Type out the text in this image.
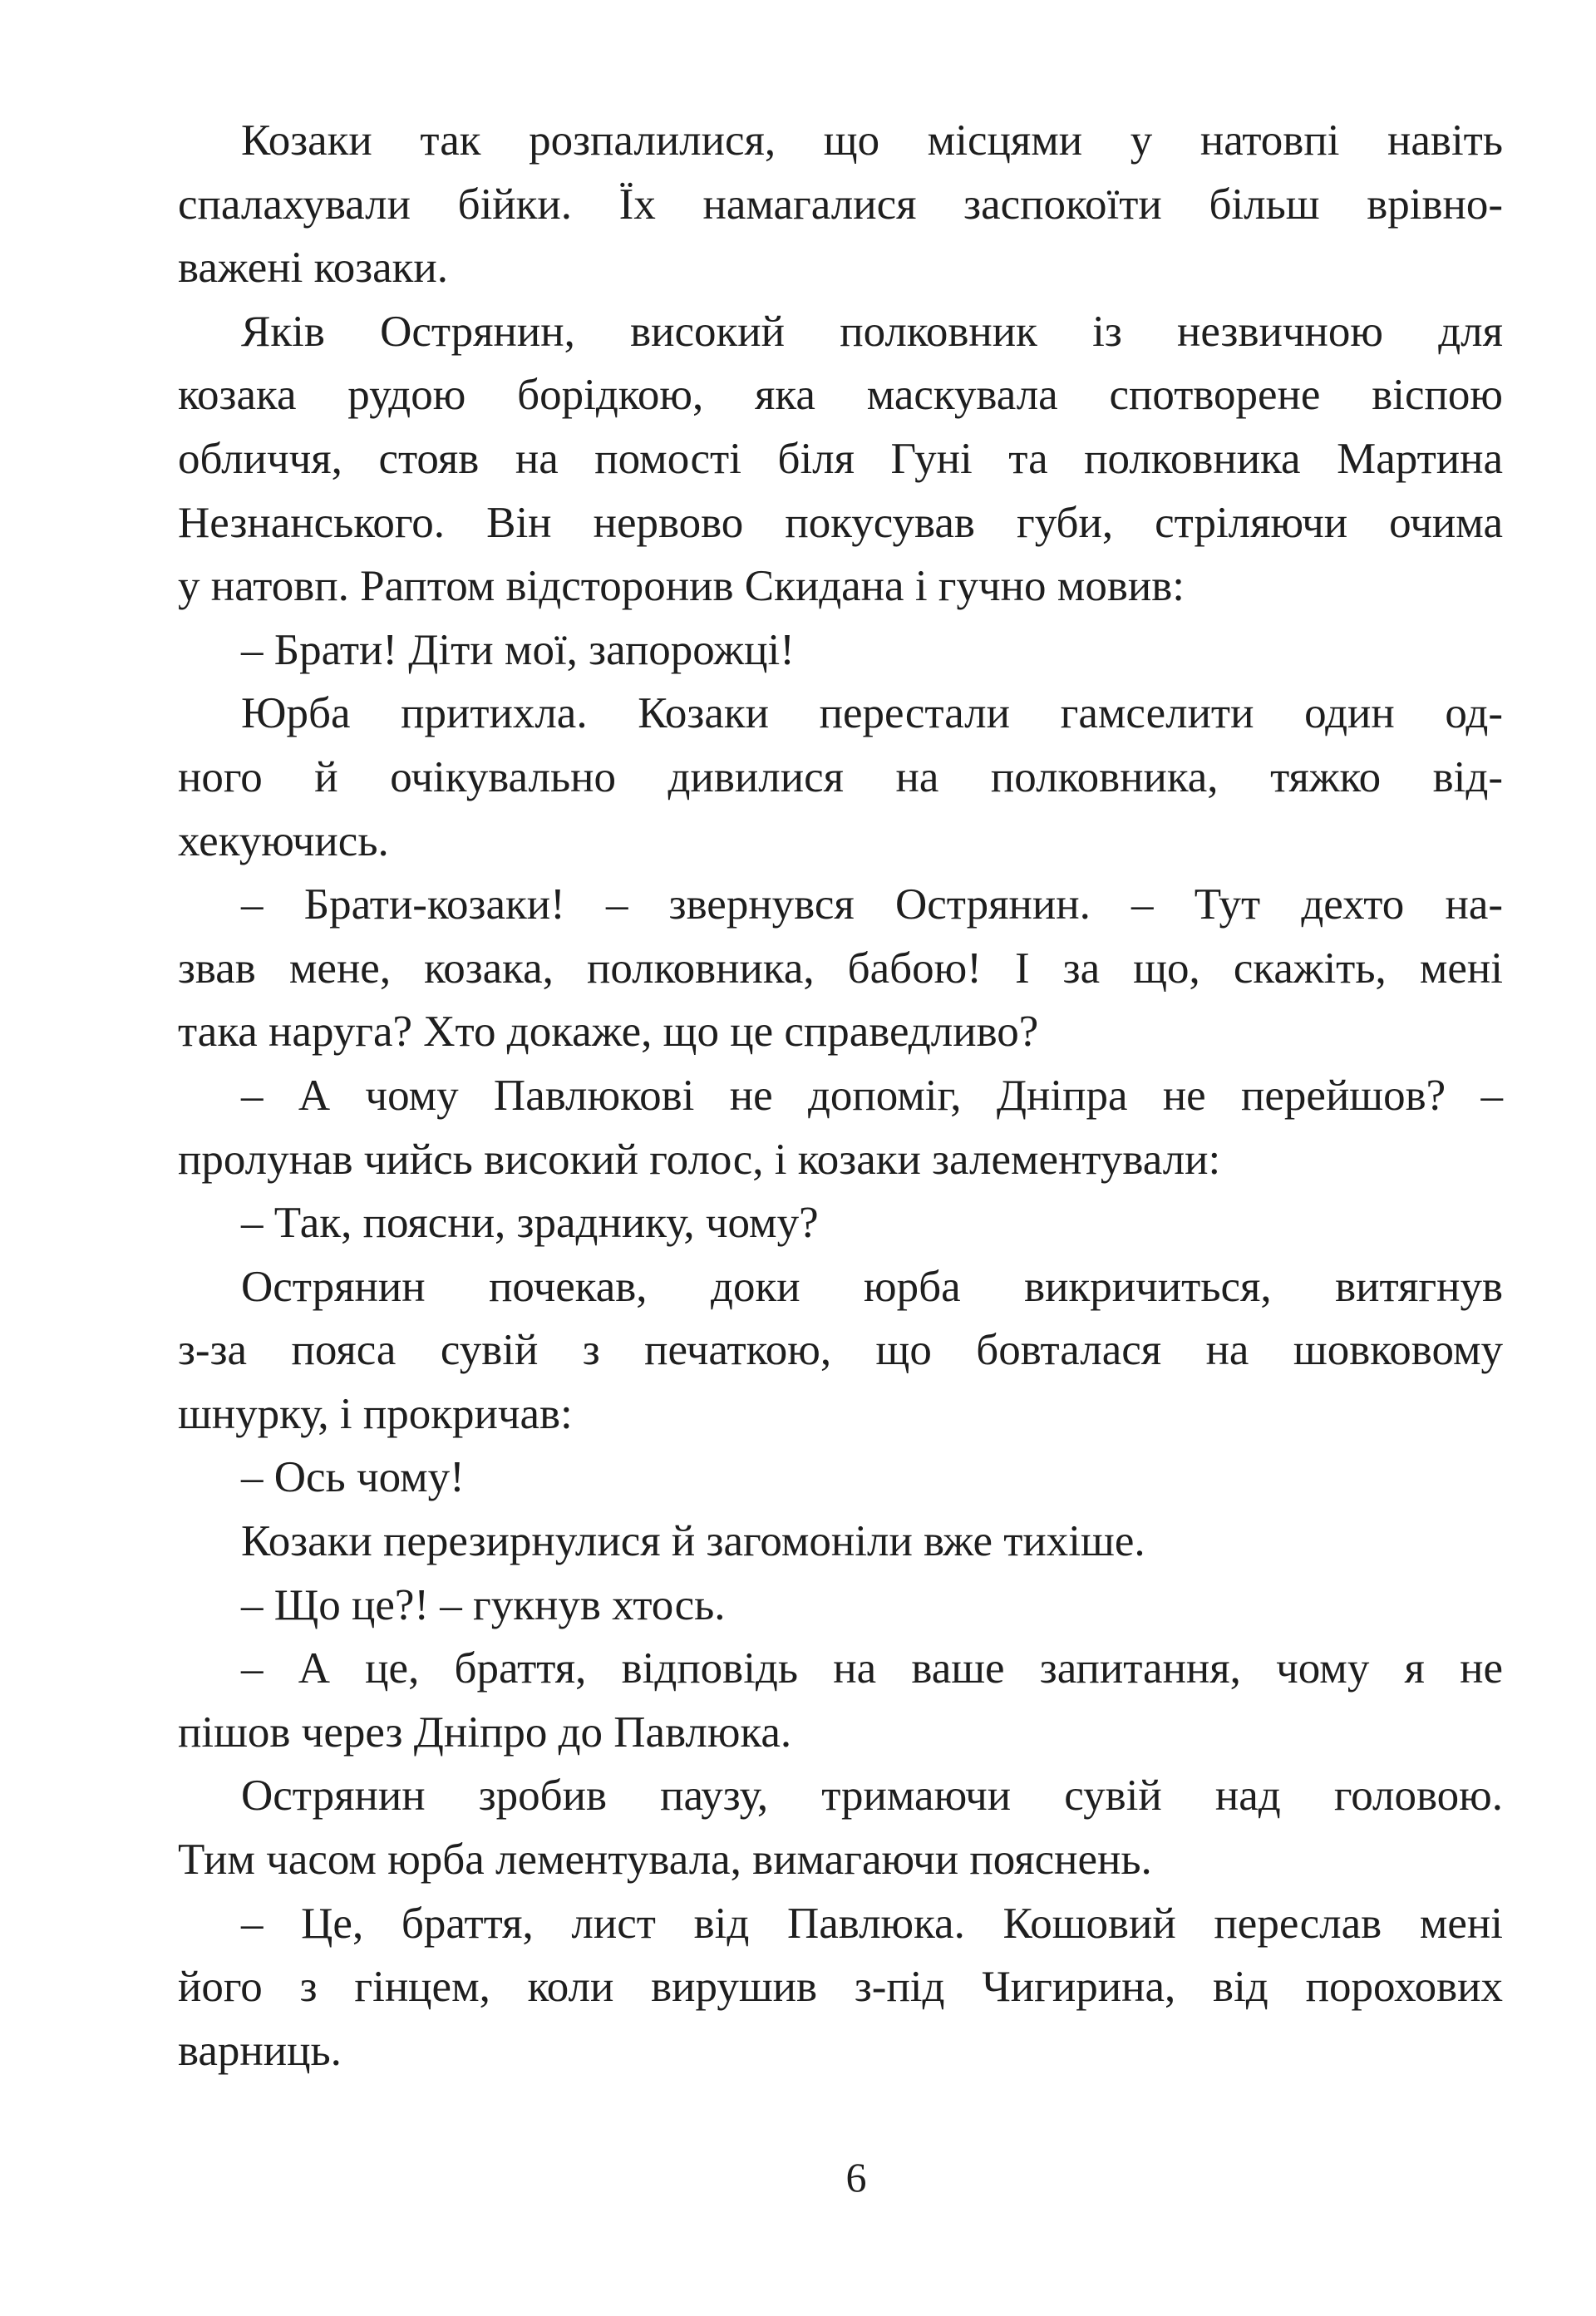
Козаки так розпалилися, що місцями у натовпі навіть
спалахували бійки. Їх намагалися заспокоїти більш врівно-
важені козаки.
Яків Острянин, високий полковник із незвичною для
козака рудою борідкою, яка маскувала спотворене віспою
обличчя, стояв на помості біля Гуні та полковника Мартина
Незнанського. Він нервово покусував губи, стріляючи очима
у натовп. Раптом відсторонив Скидана і гучно мовив:
– Брати! Діти мої, запорожці!
Юрба притихла. Козаки перестали гамселити один од-
ного й очікувально дивилися на полковника, тяжко від-
хекуючись.
– Брати-козаки! – звернувся Острянин. – Тут дехто на-
звав мене, козака, полковника, бабою! І за що, скажіть, мені
така наруга? Хто докаже, що це справедливо?
– А чому Павлюкові не допоміг, Дніпра не перейшов? –
пролунав чийсь високий голос, і козаки залементували:
– Так, поясни, зраднику, чому?
Острянин почекав, доки юрба викричиться, витягнув
з-за пояса сувій з печаткою, що бовталася на шовковому
шнурку, і прокричав:
– Ось чому!
Козаки перезирнулися й загомоніли вже тихіше.
– Що це?! – гукнув хтось.
– А це, браття, відповідь на ваше запитання, чому я не
пішов через Дніпро до Павлюка.
Острянин зробив паузу, тримаючи сувій над головою.
Тим часом юрба лементувала, вимагаючи пояснень.
– Це, браття, лист від Павлюка. Кошовий переслав мені
його з гінцем, коли вирушив з-під Чигирина, від порохових
варниць.
6
